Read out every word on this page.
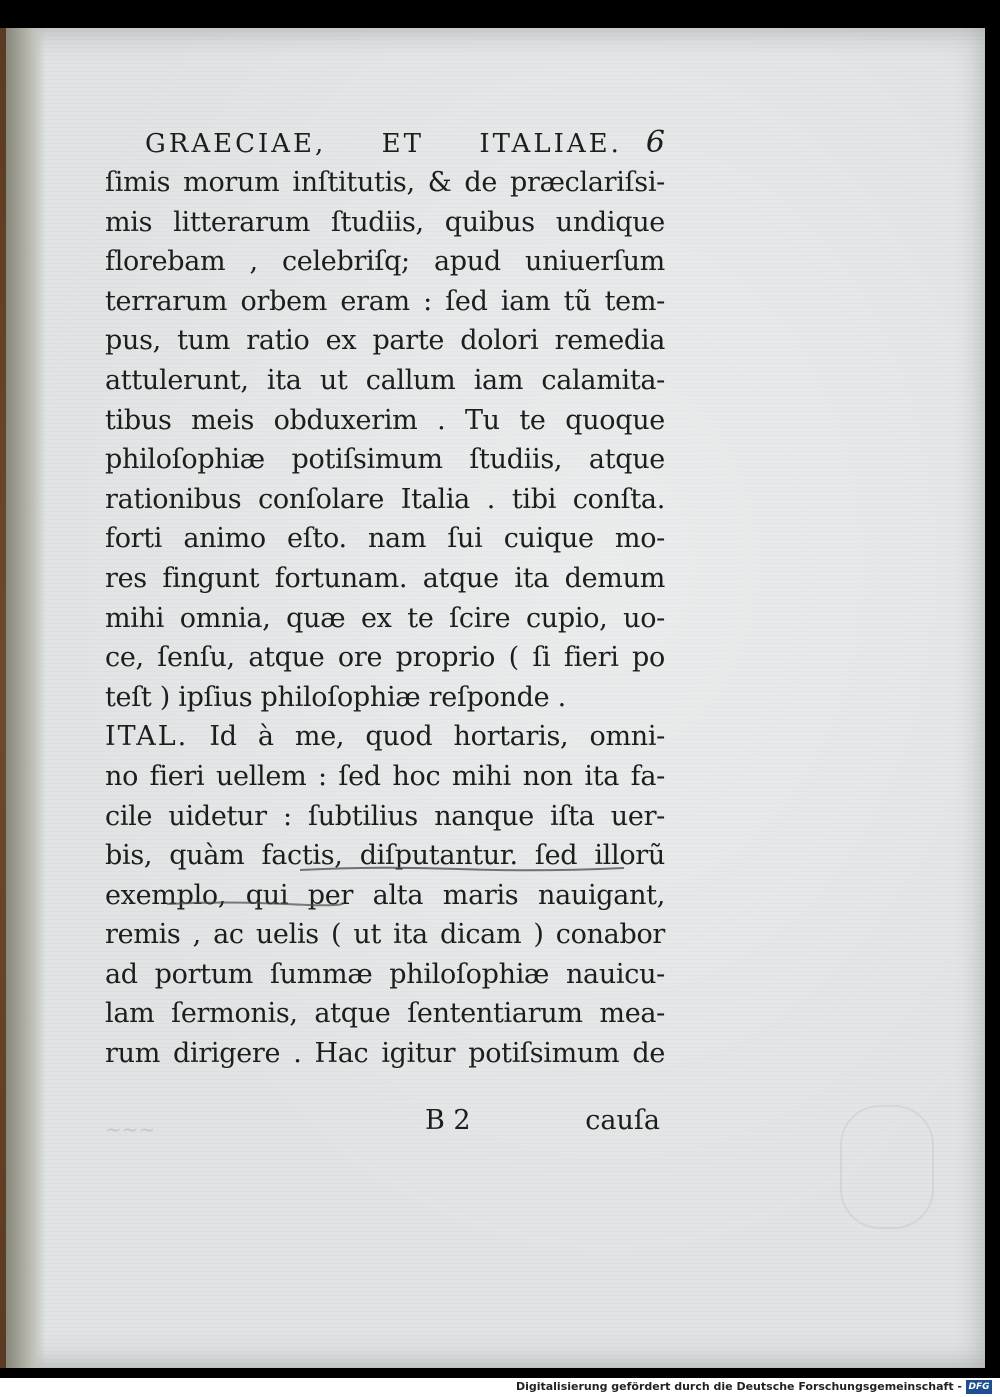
GRAECIAE, ET ITALIAE. 6
ſimis morum inſtitutis, & de præclariſsi-
mis litterarum ſtudiis, quibus undique
florebam , celebriſq; apud uniuerſum
terrarum orbem eram : ſed iam tũ tem-
pus, tum ratio ex parte dolori remedia
attulerunt, ita ut callum iam calamita-
tibus meis obduxerim . Tu te quoque
philoſophiæ potiſsimum ſtudiis, atque
rationibus conſolare Italia . tibi conſta.
forti animo eſto. nam ſui cuique mo-
res fingunt fortunam. atque ita demum
mihi omnia, quæ ex te ſcire cupio, uo-
ce, ſenſu, atque ore proprio ( ſi fieri po
teſt ) ipſius philoſophiæ reſponde .
ITAL. Id à me, quod hortaris, omni-
no fieri uellem : ſed hoc mihi non ita fa-
cile uidetur : ſubtilius nanque iſta uer-
bis, quàm factis, diſputantur. ſed illorũ
exemplo, qui per alta maris nauigant,
remis , ac uelis ( ut ita dicam ) conabor
ad portum ſummæ philoſophiæ nauicu-
lam ſermonis, atque ſententiarum mea-
rum dirigere . Hac igitur potiſsimum de
~~~	B 2	cauſa
Digitalisierung gefördert durch die Deutsche Forschungsgemeinschaft - DFG
